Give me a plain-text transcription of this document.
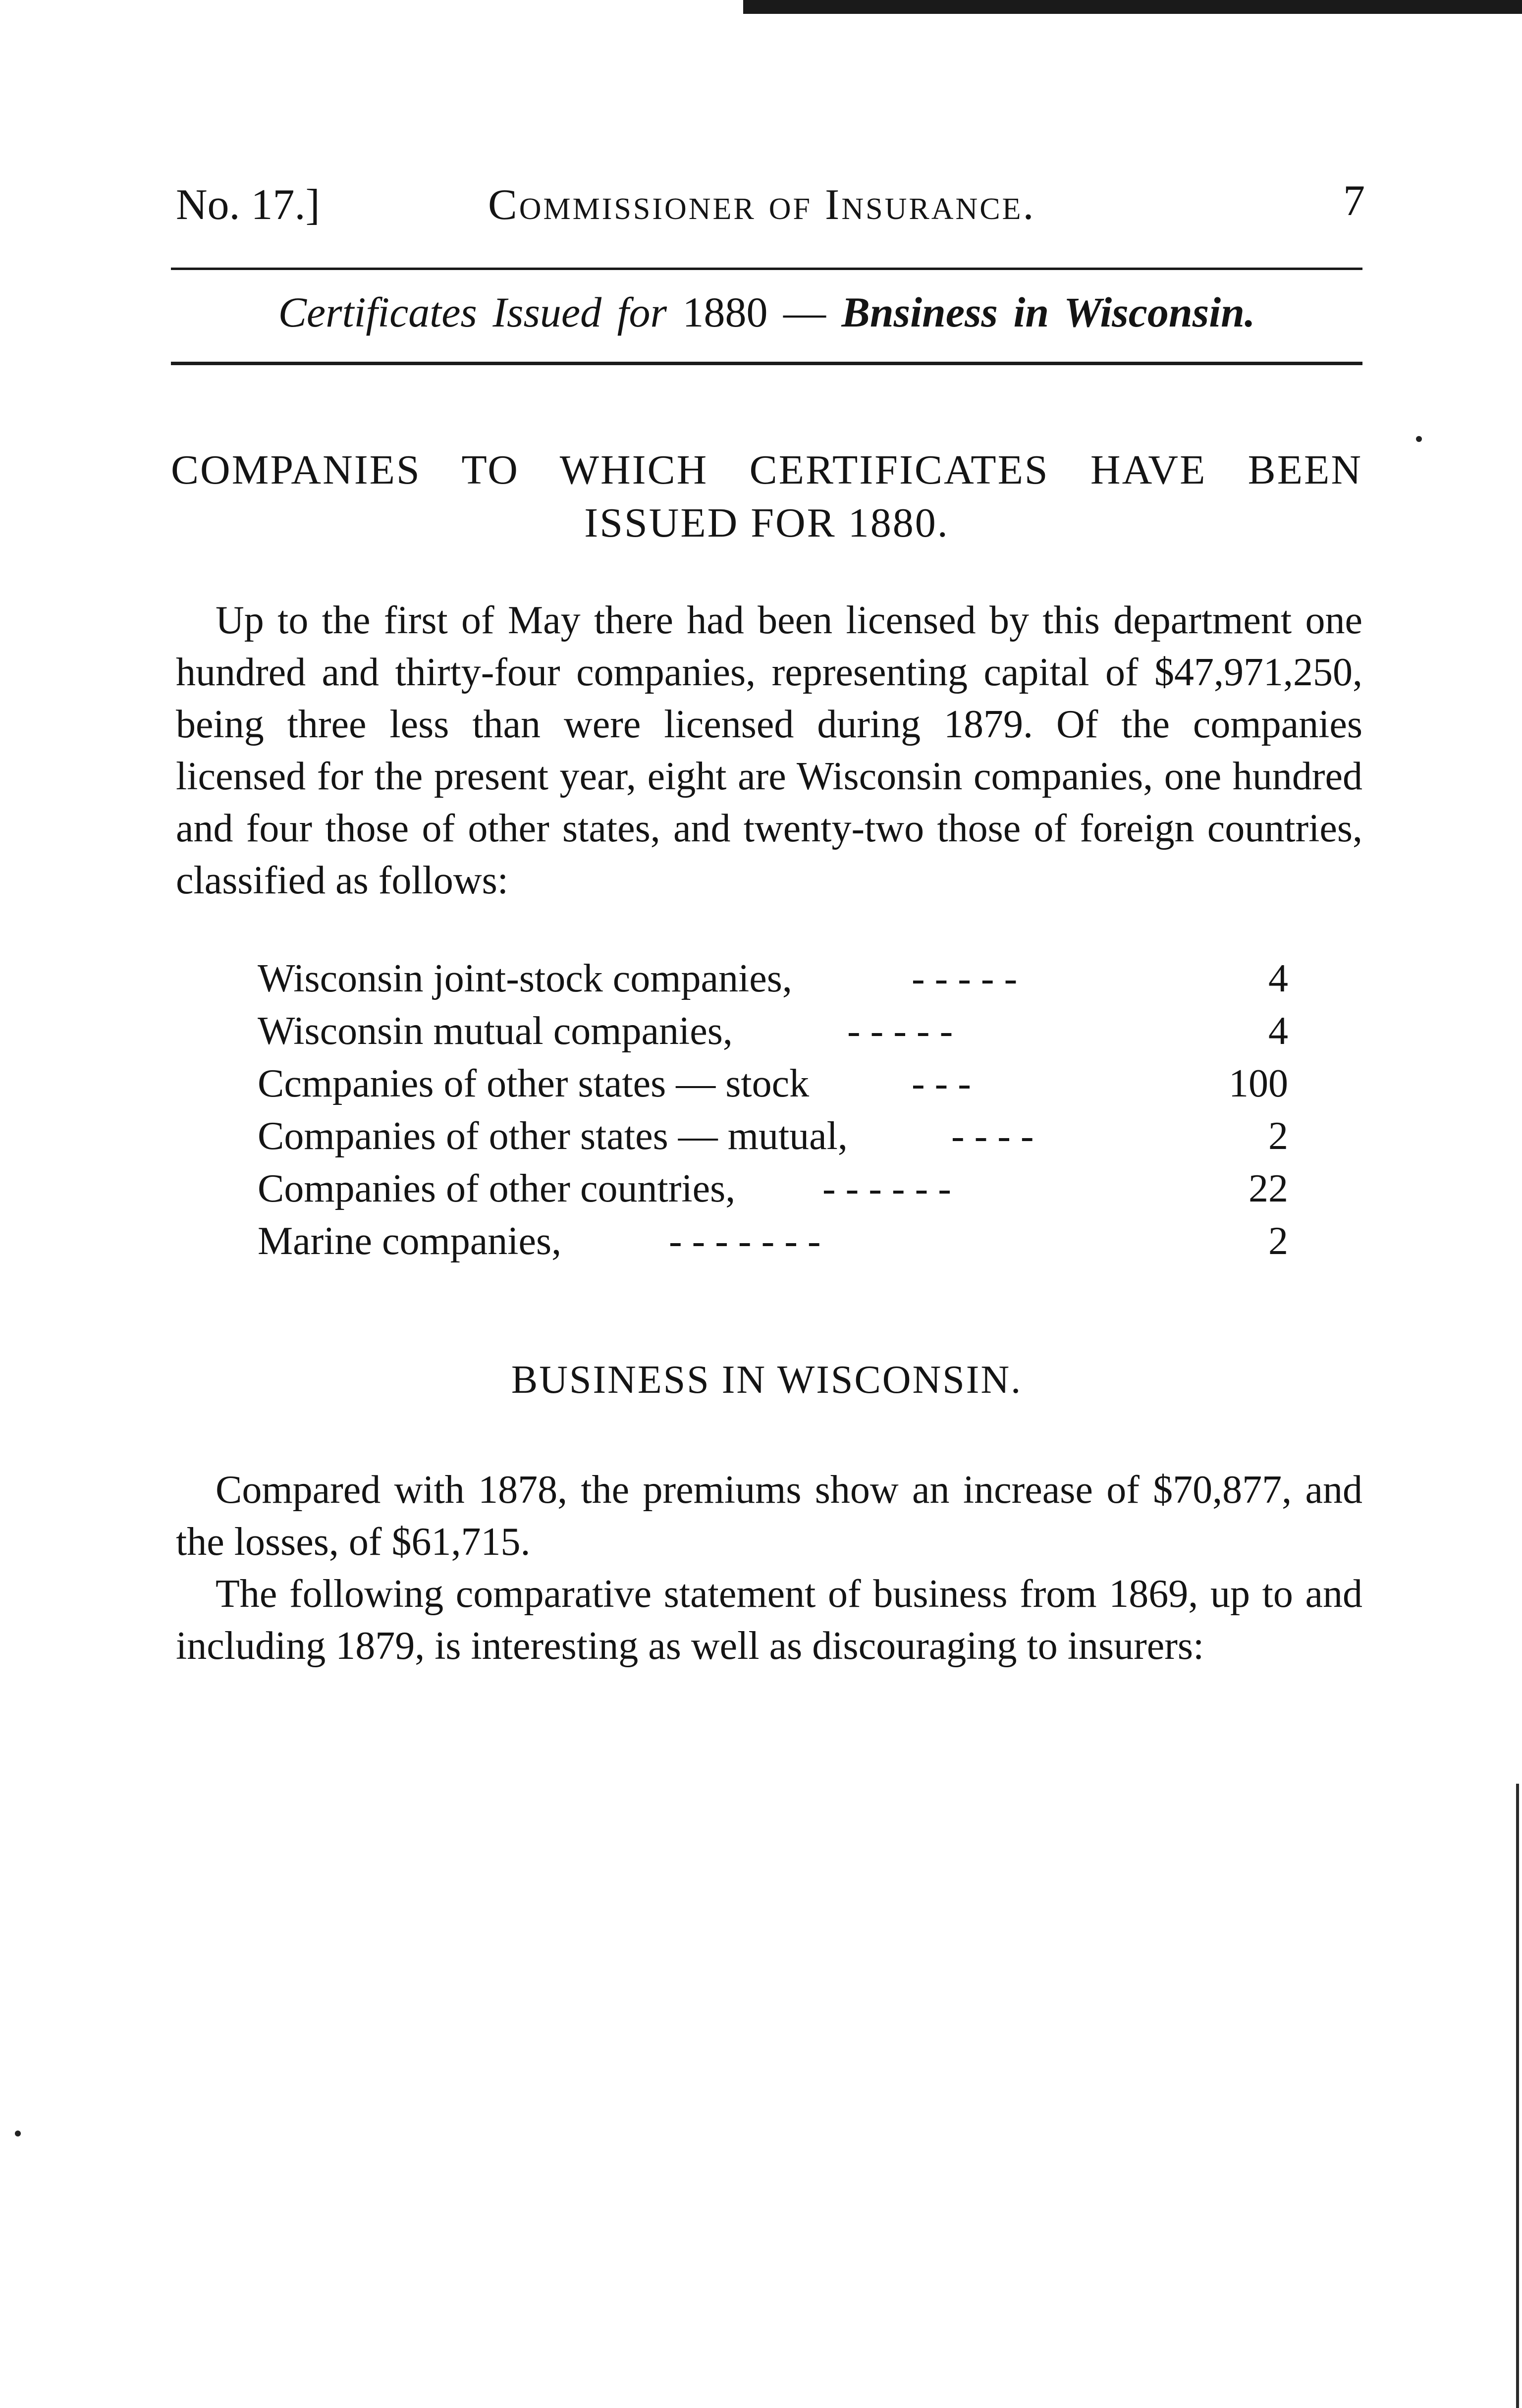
No. 17.]	Commissioner of Insurance.	7
Certificates Issued for 1880 — Bnsiness in Wisconsin.
COMPANIES TO WHICH CERTIFICATES HAVE BEEN
ISSUED FOR 1880.

Up to the first of May there had been licensed by this department one hundred and thirty-four companies, representing capital of $47,971,250, being three less than were licensed during 1879. Of the companies licensed for the present year, eight are Wisconsin companies, one hundred and four those of other states, and twenty-two those of foreign countries, classified as follows:

Wisconsin joint-stock companies,	- - - - -	4
Wisconsin mutual companies,	- - - - -	4
Ccmpanies of other states — stock	- - -	100
Companies of other states — mutual,	- - - -	2
Companies of other countries, - - - - - -	22
Marine companies,	- - - - - - -	2
BUSINESS IN WISCONSIN.

Compared with 1878, the premiums show an increase of $70,877, and the losses, of $61,715.

The following comparative statement of business from 1869, up to and including 1879, is interesting as well as discouraging to insurers:
